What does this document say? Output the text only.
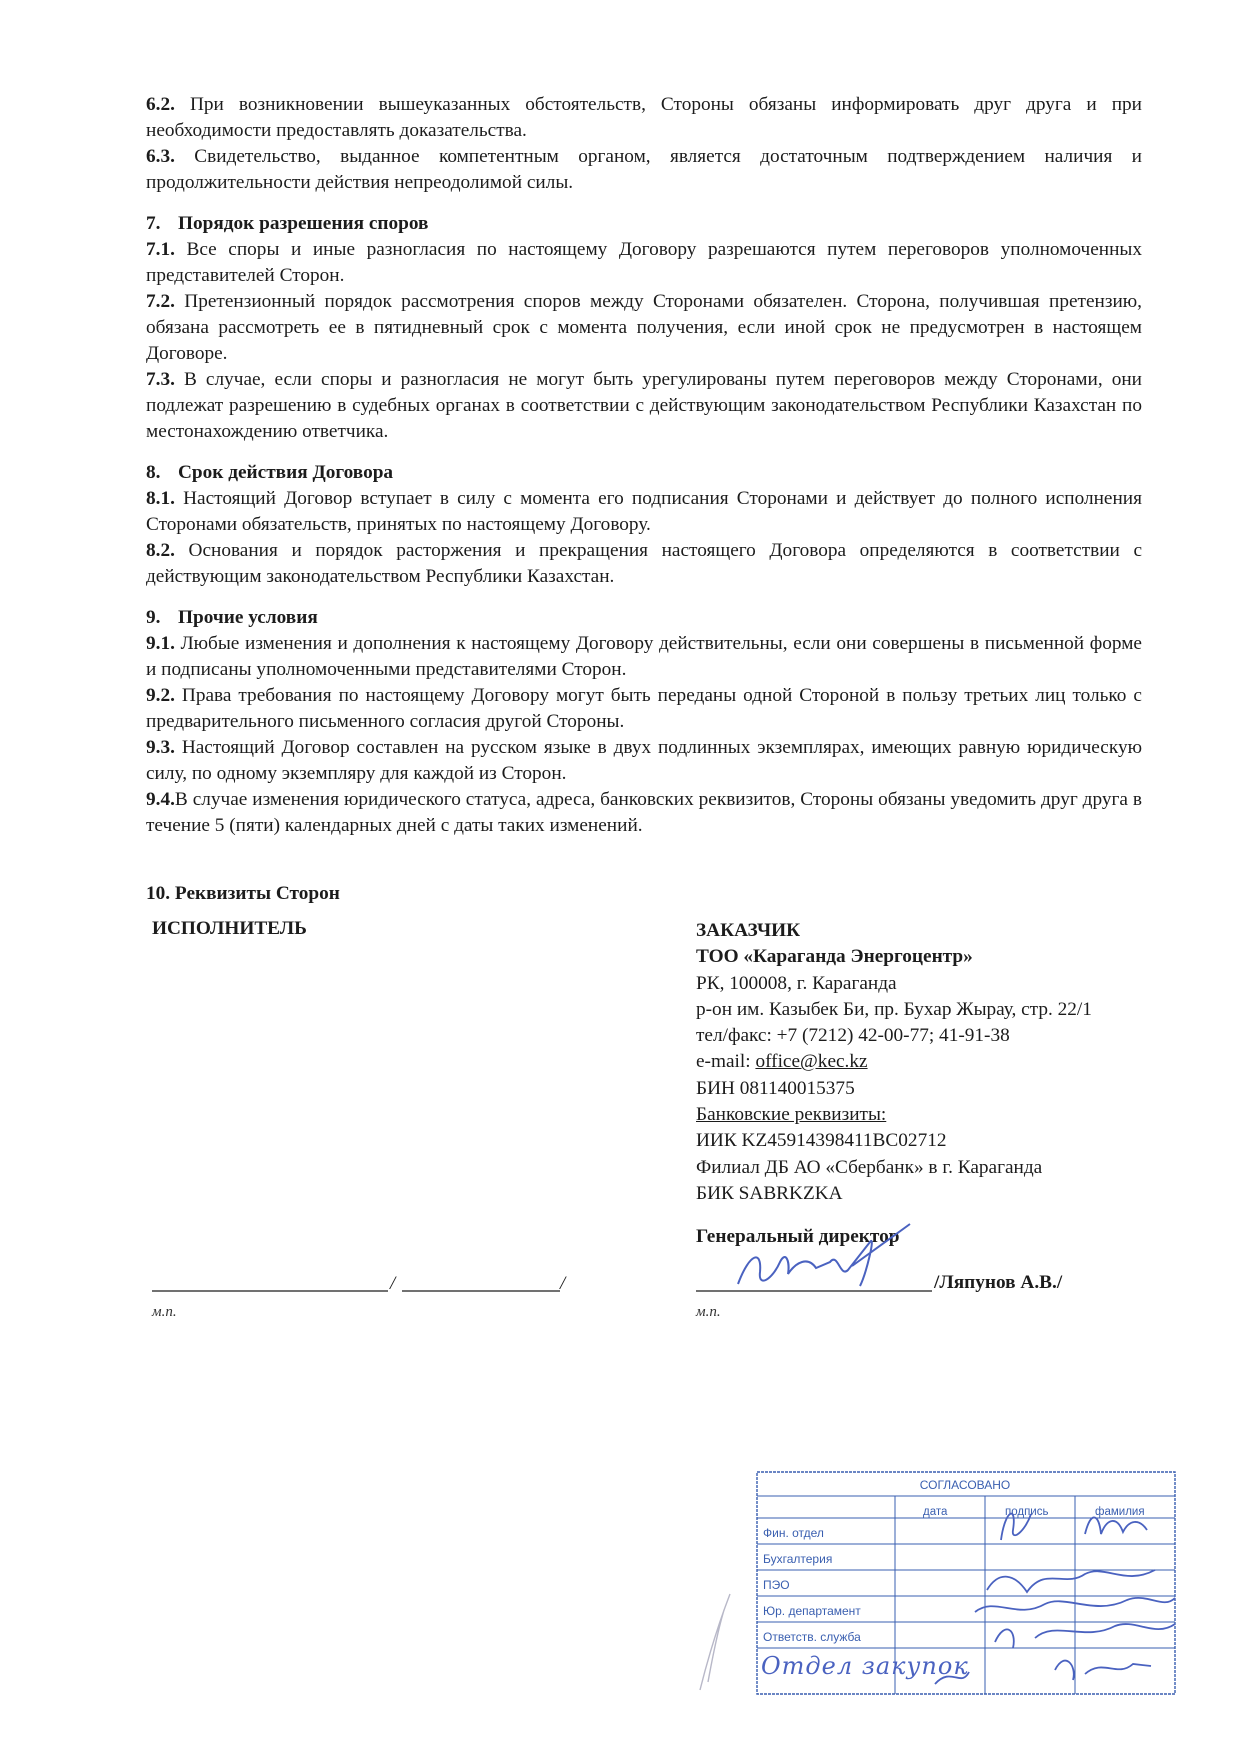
6.2. При возникновении вышеуказанных обстоятельств, Стороны обязаны информировать друг друга и при необходимости предоставлять доказательства.

6.3. Свидетельство, выданное компетентным органом, является достаточным подтверждением наличия и продолжительности действия непреодолимой силы.

7. Порядок разрешения споров

7.1. Все споры и иные разногласия по настоящему Договору разрешаются путем переговоров уполномоченных представителей Сторон.

7.2. Претензионный порядок рассмотрения споров между Сторонами обязателен. Сторона, получившая претензию, обязана рассмотреть ее в пятидневный срок с момента получения, если иной срок не предусмотрен в настоящем Договоре.

7.3. В случае, если споры и разногласия не могут быть урегулированы путем переговоров между Сторонами, они подлежат разрешению в судебных органах в соответствии с действующим законодательством Республики Казахстан по местонахождению ответчика.

8. Срок действия Договора

8.1. Настоящий Договор вступает в силу с момента его подписания Сторонами и действует до полного исполнения Сторонами обязательств, принятых по настоящему Договору.

8.2. Основания и порядок расторжения и прекращения настоящего Договора определяются в соответствии с действующим законодательством Республики Казахстан.

9. Прочие условия

9.1. Любые изменения и дополнения к настоящему Договору действительны, если они совершены в письменной форме и подписаны уполномоченными представителями Сторон.

9.2. Права требования по настоящему Договору могут быть переданы одной Стороной в пользу третьих лиц только с предварительного письменного согласия другой Стороны.

9.3. Настоящий Договор составлен на русском языке в двух подлинных экземплярах, имеющих равную юридическую силу, по одному экземпляру для каждой из Сторон.

9.4.В случае изменения юридического статуса, адреса, банковских реквизитов, Стороны обязаны уведомить друг друга в течение 5 (пяти) календарных дней с даты таких изменений.

10. Реквизиты Сторон
ИСПОЛНИТЕЛЬ	ЗАКАЗЧИК
ТОО «Караганда Энергоцентр»
РК, 100008, г. Караганда
р-он им. Казыбек Би, пр. Бухар Жырау, стр. 22/1
тел/факс: +7 (7212) 42-00-77; 41-91-38
e-mail: office@kec.kz
БИН 081140015375
Банковские реквизиты:
ИИК KZ45914398411BC02712
Филиал ДБ АО «Сбербанк» в г. Караганда
БИК SABRKZKA
Генеральный директор
/	/
м.п.
/Ляпунов А.В./
м.п.
СОГЛАСОВАНО
дата	подпись	фамилия
Фин. отдел
Бухгалтерия
ПЭО
Юр. департамент
Ответств. служба
Отдел закупок
